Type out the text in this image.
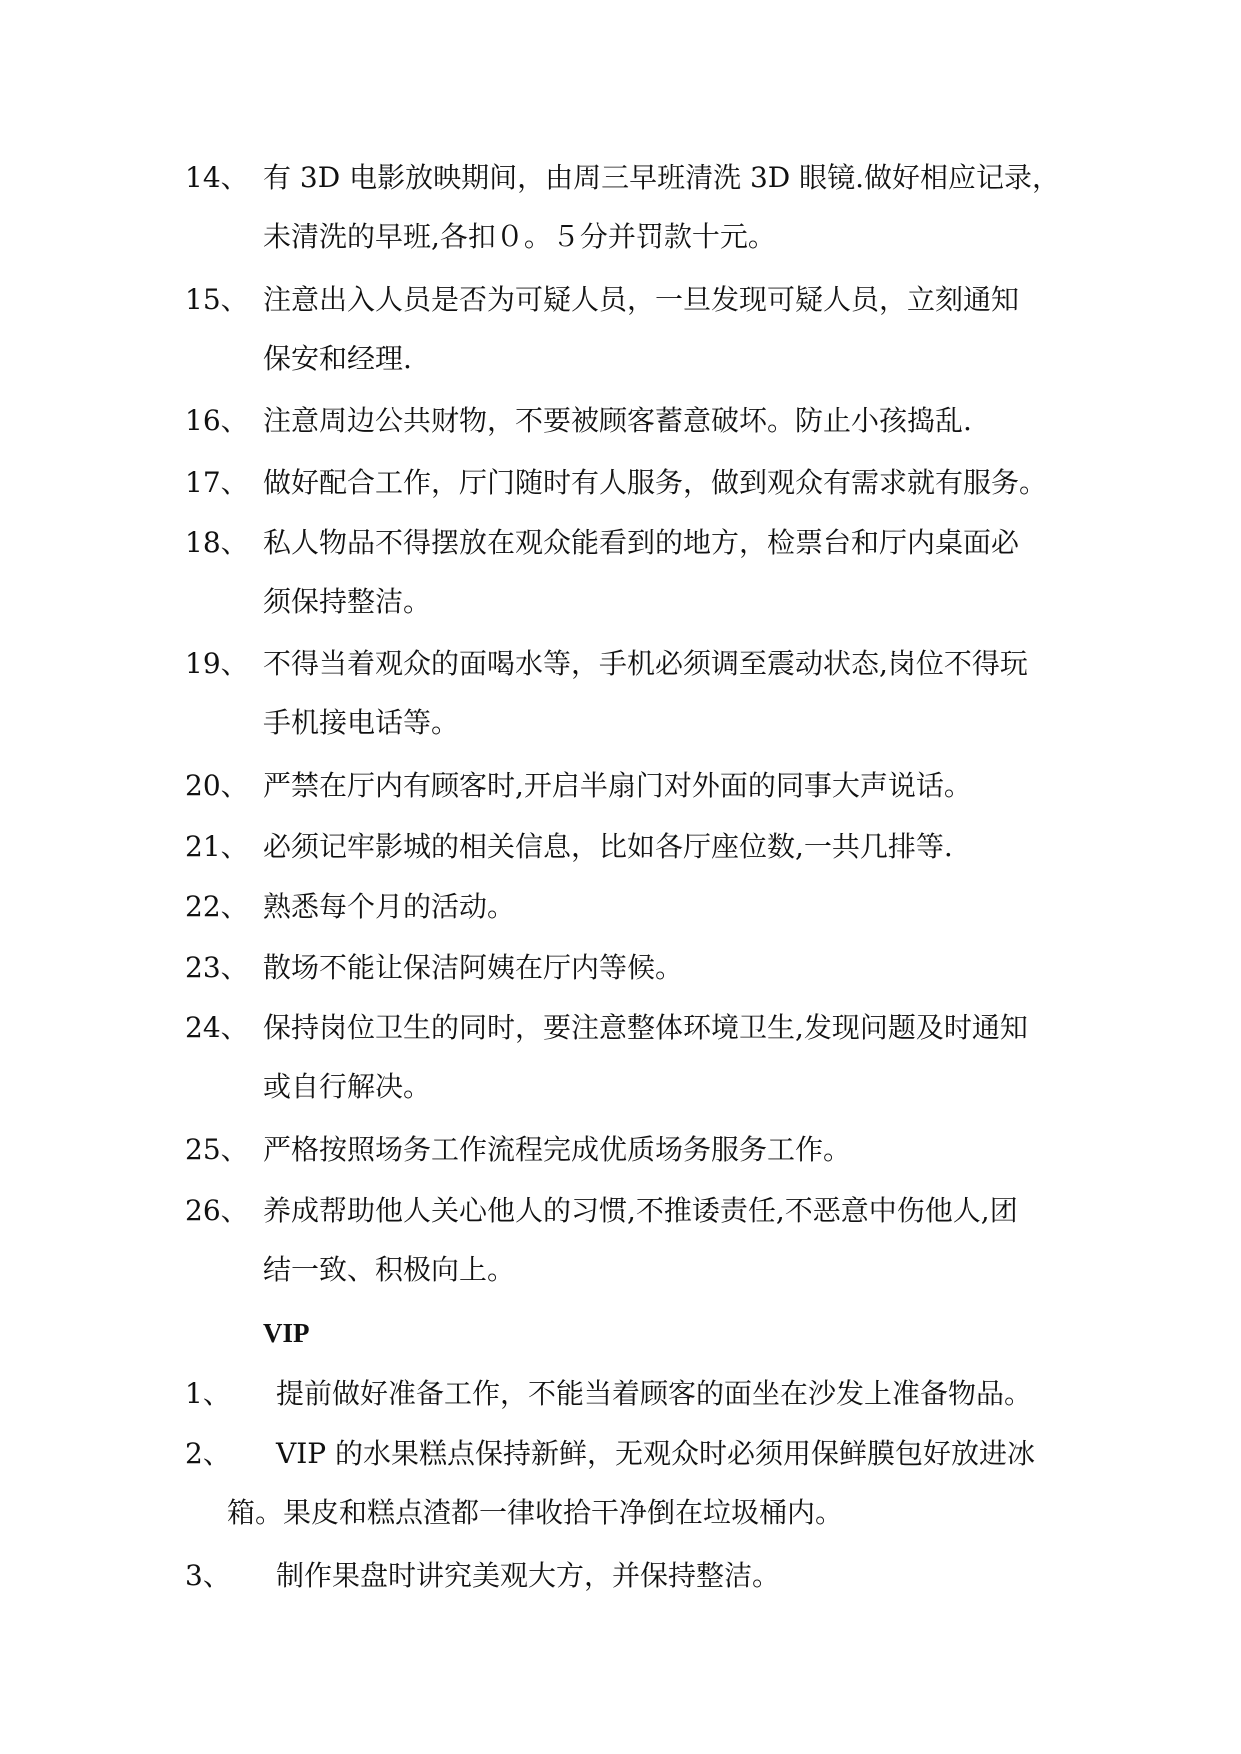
14、 有 3D 电影放映期间，由周三早班清洗 3D 眼镜.做好相应记录，
未清洗的早班,各扣０。５分并罚款十元。
15、 注意出入人员是否为可疑人员，一旦发现可疑人员，立刻通知
保安和经理.
16、 注意周边公共财物，不要被顾客蓄意破坏。防止小孩捣乱.
17、 做好配合工作，厅门随时有人服务，做到观众有需求就有服务。
18、 私人物品不得摆放在观众能看到的地方，检票台和厅内桌面必
须保持整洁。
19、 不得当着观众的面喝水等，手机必须调至震动状态,岗位不得玩
手机接电话等。
20、 严禁在厅内有顾客时,开启半扇门对外面的同事大声说话。
21、 必须记牢影城的相关信息，比如各厅座位数,一共几排等.
22、 熟悉每个月的活动。
23、 散场不能让保洁阿姨在厅内等候。
24、 保持岗位卫生的同时，要注意整体环境卫生,发现问题及时通知
或自行解决。
25、 严格按照场务工作流程完成优质场务服务工作。
26、 养成帮助他人关心他人的习惯,不推诿责任,不恶意中伤他人,团
结一致、积极向上。
VIP
1、 提前做好准备工作，不能当着顾客的面坐在沙发上准备物品。
2、 VIP 的水果糕点保持新鲜，无观众时必须用保鲜膜包好放进冰
箱。果皮和糕点渣都一律收拾干净倒在垃圾桶内。
3、 制作果盘时讲究美观大方，并保持整洁。
